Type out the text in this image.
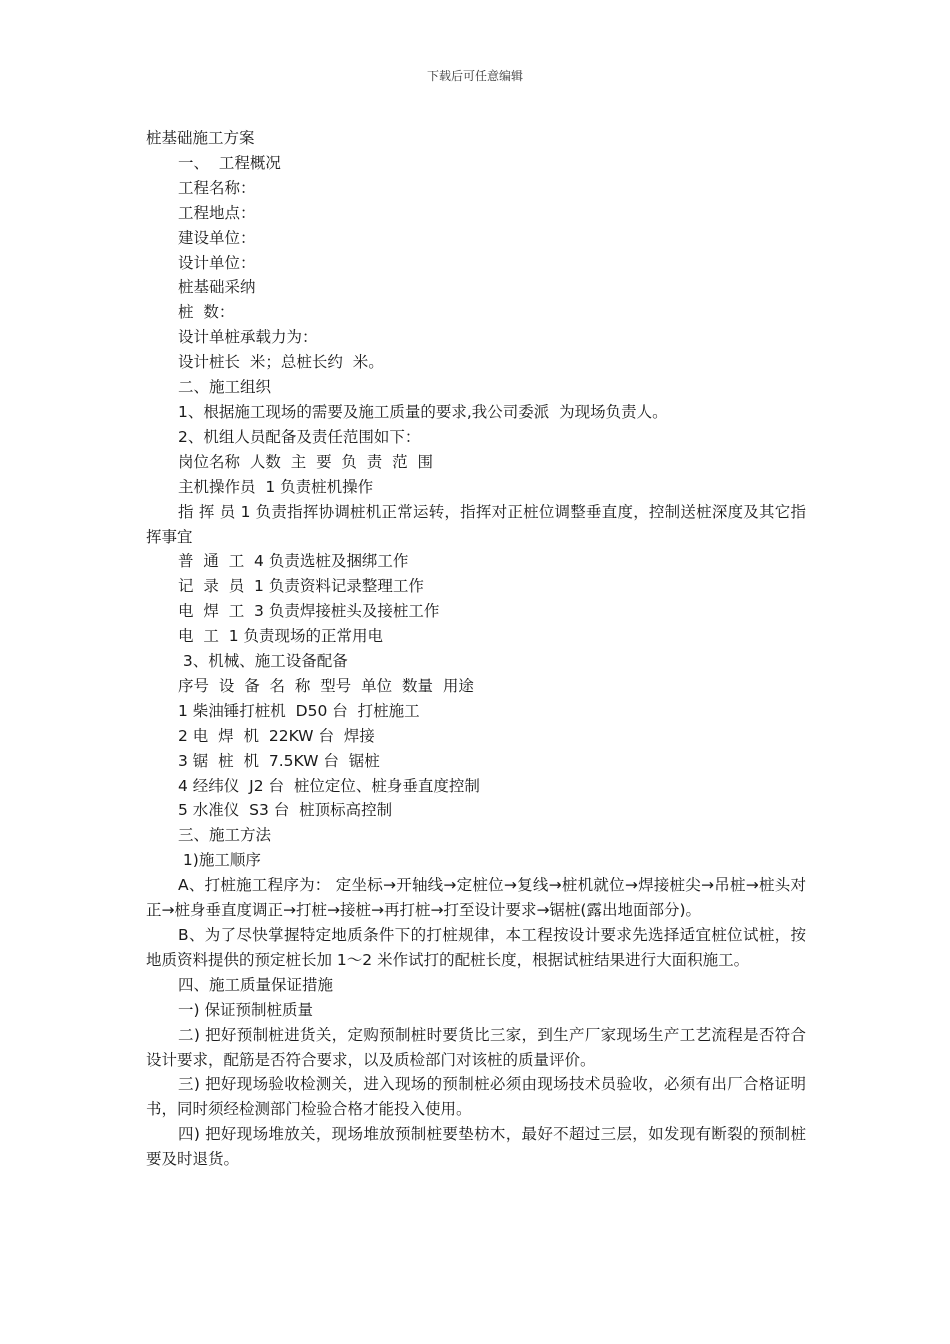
下载后可任意编辑
桩基础施工方案
一、  工程概况
工程名称：
工程地点：
建设单位：
设计单位：
桩基础采纳
桩  数：
设计单桩承载力为：
设计桩长  米；总桩长约  米。
二、施工组织
1、根据施工现场的需要及施工质量的要求,我公司委派  为现场负责人。
2、机组人员配备及责任范围如下：
岗位名称  人数  主  要  负  责  范  围
主机操作员  1 负责桩机操作
指 挥 员 1 负责指挥协调桩机正常运转，指挥对正桩位调整垂直度，控制送桩深度及其它指挥事宜
普  通  工  4 负责选桩及捆绑工作
记  录  员  1 负责资料记录整理工作
电  焊  工  3 负责焊接桩头及接桩工作
电  工  1 负责现场的正常用电
3、机械、施工设备配备
序号  设  备  名  称  型号  单位  数量  用途
1 柴油锤打桩机  D50 台  打桩施工
2 电  焊  机  22KW 台  焊接
3 锯  桩  机  7.5KW 台  锯桩
4 经纬仪  J2 台  桩位定位、桩身垂直度控制
5 水准仪  S3 台  桩顶标高控制
三、施工方法
1)施工顺序
A、打桩施工程序为： 定坐标→开轴线→定桩位→复线→桩机就位→焊接桩尖→吊桩→桩头对正→桩身垂直度调正→打桩→接桩→再打桩→打至设计要求→锯桩(露出地面部分)。
B、为了尽快掌握特定地质条件下的打桩规律，本工程按设计要求先选择适宜桩位试桩，按地质资料提供的预定桩长加 1～2 米作试打的配桩长度，根据试桩结果进行大面积施工。
四、施工质量保证措施
一) 保证预制桩质量
二) 把好预制桩进货关，定购预制桩时要货比三家，到生产厂家现场生产工艺流程是否符合设计要求，配筋是否符合要求，以及质检部门对该桩的质量评价。
三) 把好现场验收检测关，进入现场的预制桩必须由现场技术员验收，必须有出厂合格证明书，同时须经检测部门检验合格才能投入使用。
四) 把好现场堆放关，现场堆放预制桩要垫枋木，最好不超过三层，如发现有断裂的预制桩要及时退货。
